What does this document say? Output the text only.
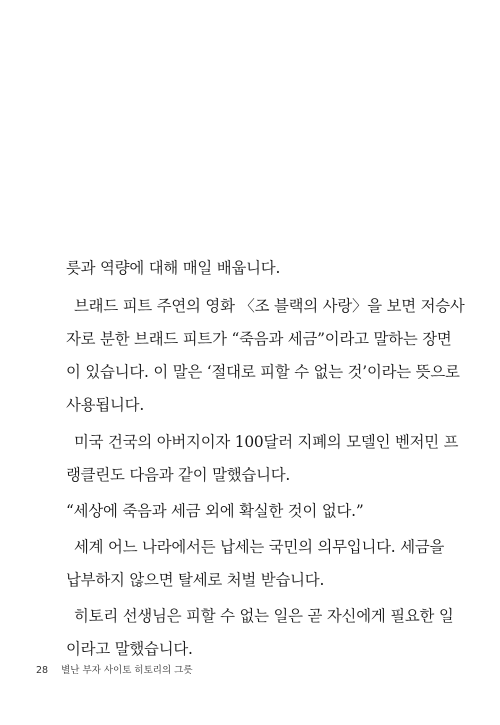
릇과 역량에 대해 매일 배웁니다.
브래드 피트 주연의 영화 〈조 블랙의 사랑〉을 보면 저승사
자로 분한 브래드 피트가 “죽음과 세금”이라고 말하는 장면
이 있습니다. 이 말은 ‘절대로 피할 수 없는 것’이라는 뜻으로
사용됩니다.
미국 건국의 아버지이자 100달러 지폐의 모델인 벤저민 프
랭클린도 다음과 같이 말했습니다.
“세상에 죽음과 세금 외에 확실한 것이 없다.”
세계 어느 나라에서든 납세는 국민의 의무입니다. 세금을
납부하지 않으면 탈세로 처벌 받습니다.
히토리 선생님은 피할 수 없는 일은 곧 자신에게 필요한 일
이라고 말했습니다.
28 별난 부자 사이토 히토리의 그릇
